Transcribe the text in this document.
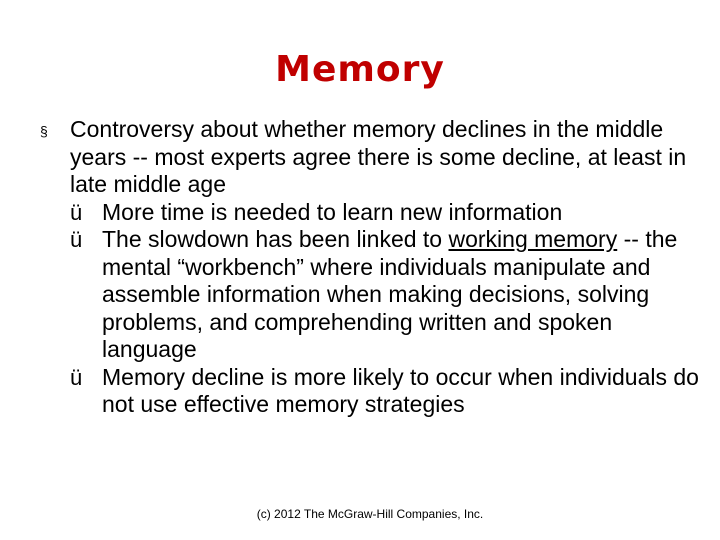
Memory
§ Controversy about whether memory declines in the middle years -- most experts agree there is some decline, at least in late middle age
ü More time is needed to learn new information
ü The slowdown has been linked to working memory -- the mental “workbench” where individuals manipulate and assemble information when making decisions, solving problems, and comprehending written and spoken language
ü Memory decline is more likely to occur when individuals do not use effective memory strategies
(c) 2012 The McGraw-Hill Companies, Inc.
